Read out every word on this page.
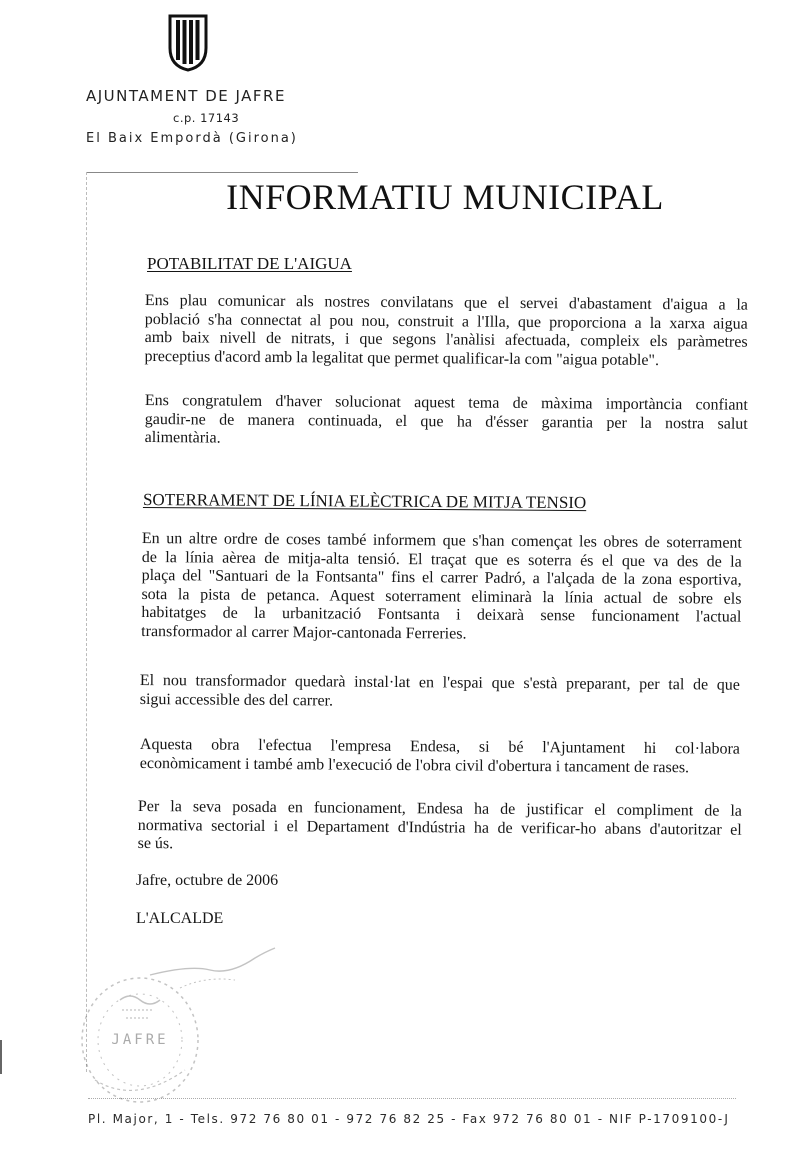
AJUNTAMENT DE JAFRE
c.p. 17143
El Baix Empordà (Girona)
INFORMATIU MUNICIPAL
POTABILITAT DE L'AIGUA
Ens plau comunicar als nostres convilatans que el servei d'abastament d'aigua a la
població s'ha connectat al pou nou, construit a l'Illa, que proporciona a la xarxa aigua
amb baix nivell de nitrats, i que segons l'anàlisi afectuada, compleix els paràmetres
preceptius d'acord amb la legalitat que permet qualificar-la com "aigua potable".
Ens congratulem d'haver solucionat aquest tema de màxima importància confiant
gaudir-ne de manera continuada, el que ha d'ésser garantia per la nostra salut
alimentària.
SOTERRAMENT DE LÍNIA ELÈCTRICA DE MITJA TENSIO
En un altre ordre de coses també informem que s'han començat les obres de soterrament
de la línia aèrea de mitja-alta tensió. El traçat que es soterra és el que va des de la
plaça del "Santuari de la Fontsanta" fins el carrer Padró, a l'alçada de la zona esportiva,
sota la pista de petanca. Aquest soterrament eliminarà la línia actual de sobre els
habitatges de la urbanització Fontsanta i deixarà sense funcionament l'actual
transformador al carrer Major-cantonada Ferreries.
El nou transformador quedarà instal·lat en l'espai que s'està preparant, per tal de que
sigui accessible des del carrer.
Aquesta obra l'efectua l'empresa Endesa, si bé l'Ajuntament hi col·labora
econòmicament i també amb l'execució de l'obra civil d'obertura i tancament de rases.
Per la seva posada en funcionament, Endesa ha de justificar el compliment de la
normativa sectorial i el Departament d'Indústria ha de verificar-ho abans d'autoritzar el
se ús.
Jafre, octubre de 2006
L'ALCALDE
JAFRE
Pl. Major, 1 - Tels. 972 76 80 01 - 972 76 82 25 - Fax 972 76 80 01 - NIF P-1709100-J
